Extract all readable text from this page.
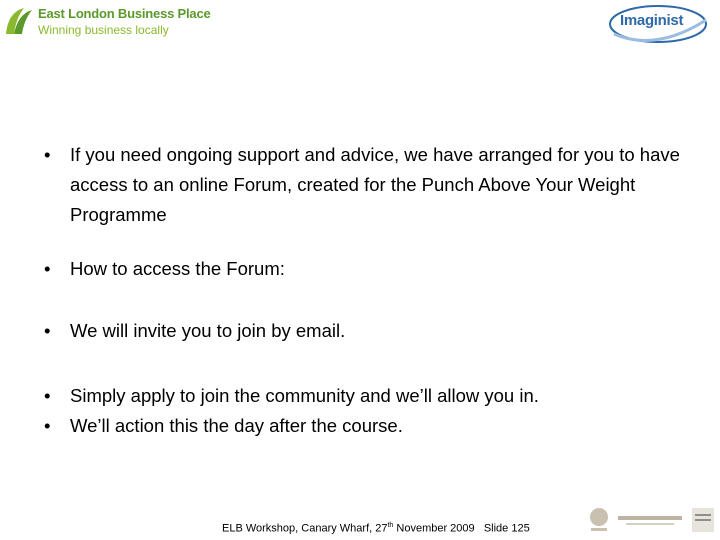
East London Business Place
Winning business locally
Imaginist
•	If you need ongoing support and advice, we have arranged for you to have access to an online Forum, created for the Punch Above Your Weight Programme
•	How to access the Forum:
•	We will invite you to join by email.
•	Simply apply to join the community and we’ll allow you in.
•	We’ll action this the day after the course.
ELB Workshop, Canary Wharf, 27th November 2009 Slide 125
